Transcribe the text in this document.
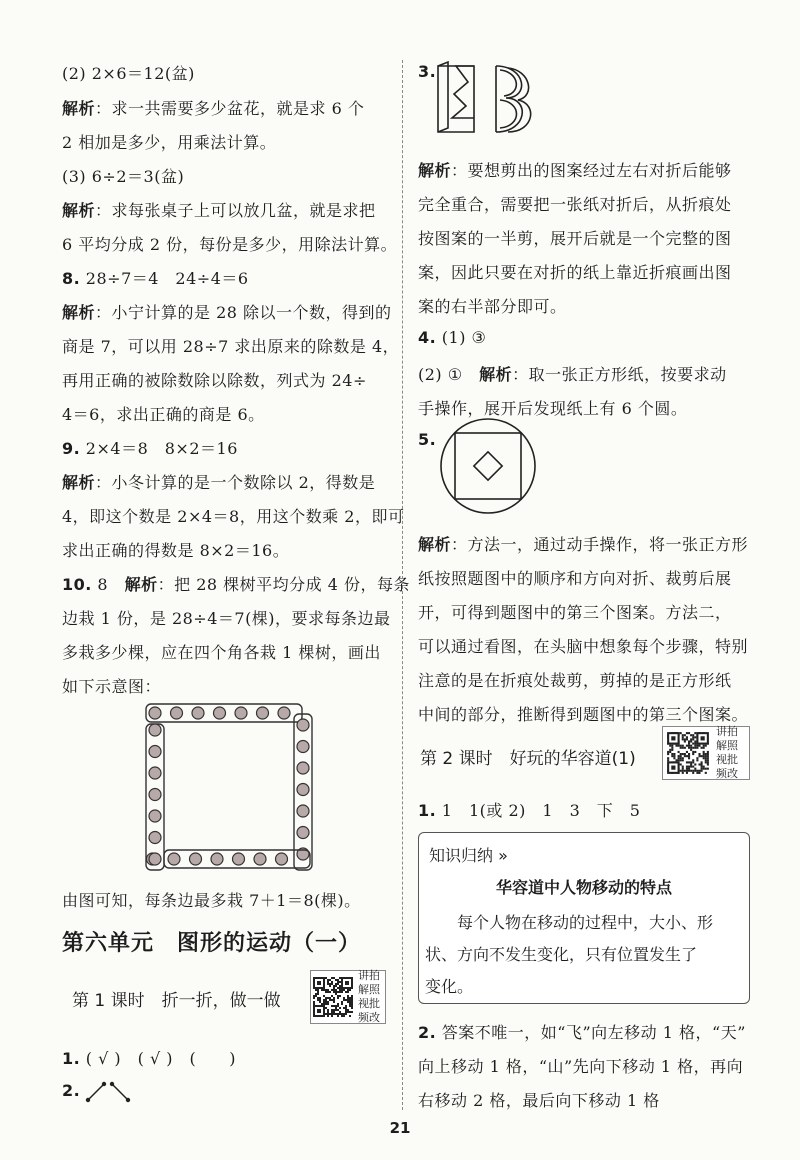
(2) 2×6＝12(盆)
解析：求一共需要多少盆花，就是求 6 个
2 相加是多少，用乘法计算。
(3) 6÷2＝3(盆)
解析：求每张桌子上可以放几盆，就是求把
6 平均分成 2 份，每份是多少，用除法计算。
8. 28÷7＝4　24÷4＝6
解析：小宁计算的是 28 除以一个数，得到的
商是 7，可以用 28÷7 求出原来的除数是 4，
再用正确的被除数除以除数，列式为 24÷
4＝6，求出正确的商是 6。
9. 2×4＝8　8×2＝16
解析：小冬计算的是一个数除以 2，得数是
4，即这个数是 2×4＝8，用这个数乘 2，即可
求出正确的得数是 8×2＝16。
10. 8　解析：把 28 棵树平均分成 4 份，每条
边栽 1 份，是 28÷4＝7(棵)，要求每条边最
多栽多少棵，应在四个角各栽 1 棵树，画出
如下示意图：
由图可知，每条边最多栽 7＋1＝8(棵)。
第六单元　图形的运动（一）
第 1 课时　折一折，做一做
讲拍
解照
视批
频改
1. ( √ )　( √ )　(　　)
2.
3.
解析：要想剪出的图案经过左右对折后能够
完全重合，需要把一张纸对折后，从折痕处
按图案的一半剪，展开后就是一个完整的图
案，因此只要在对折的纸上靠近折痕画出图
案的右半部分即可。
4. (1) ③
(2) ①　解析：取一张正方形纸，按要求动
手操作，展开后发现纸上有 6 个圆。
5.
解析：方法一，通过动手操作，将一张正方形
纸按照题图中的顺序和方向对折、裁剪后展
开，可得到题图中的第三个图案。方法二，
可以通过看图，在头脑中想象每个步骤，特别
注意的是在折痕处裁剪，剪掉的是正方形纸
中间的部分，推断得到题图中的第三个图案。
1. 1　1(或 2)　1　3　下　5
2. 答案不唯一，如“飞”向左移动 1 格，“天”
向上移动 1 格，“山”先向下移动 1 格，再向
右移动 2 格，最后向下移动 1 格
第 2 课时　好玩的华容道(1)
讲拍
解照
视批
频改
知识归纳 »
华容道中人物移动的特点
　　每个人物在移动的过程中，大小、形
状、方向不发生变化，只有位置发生了
变化。
21
